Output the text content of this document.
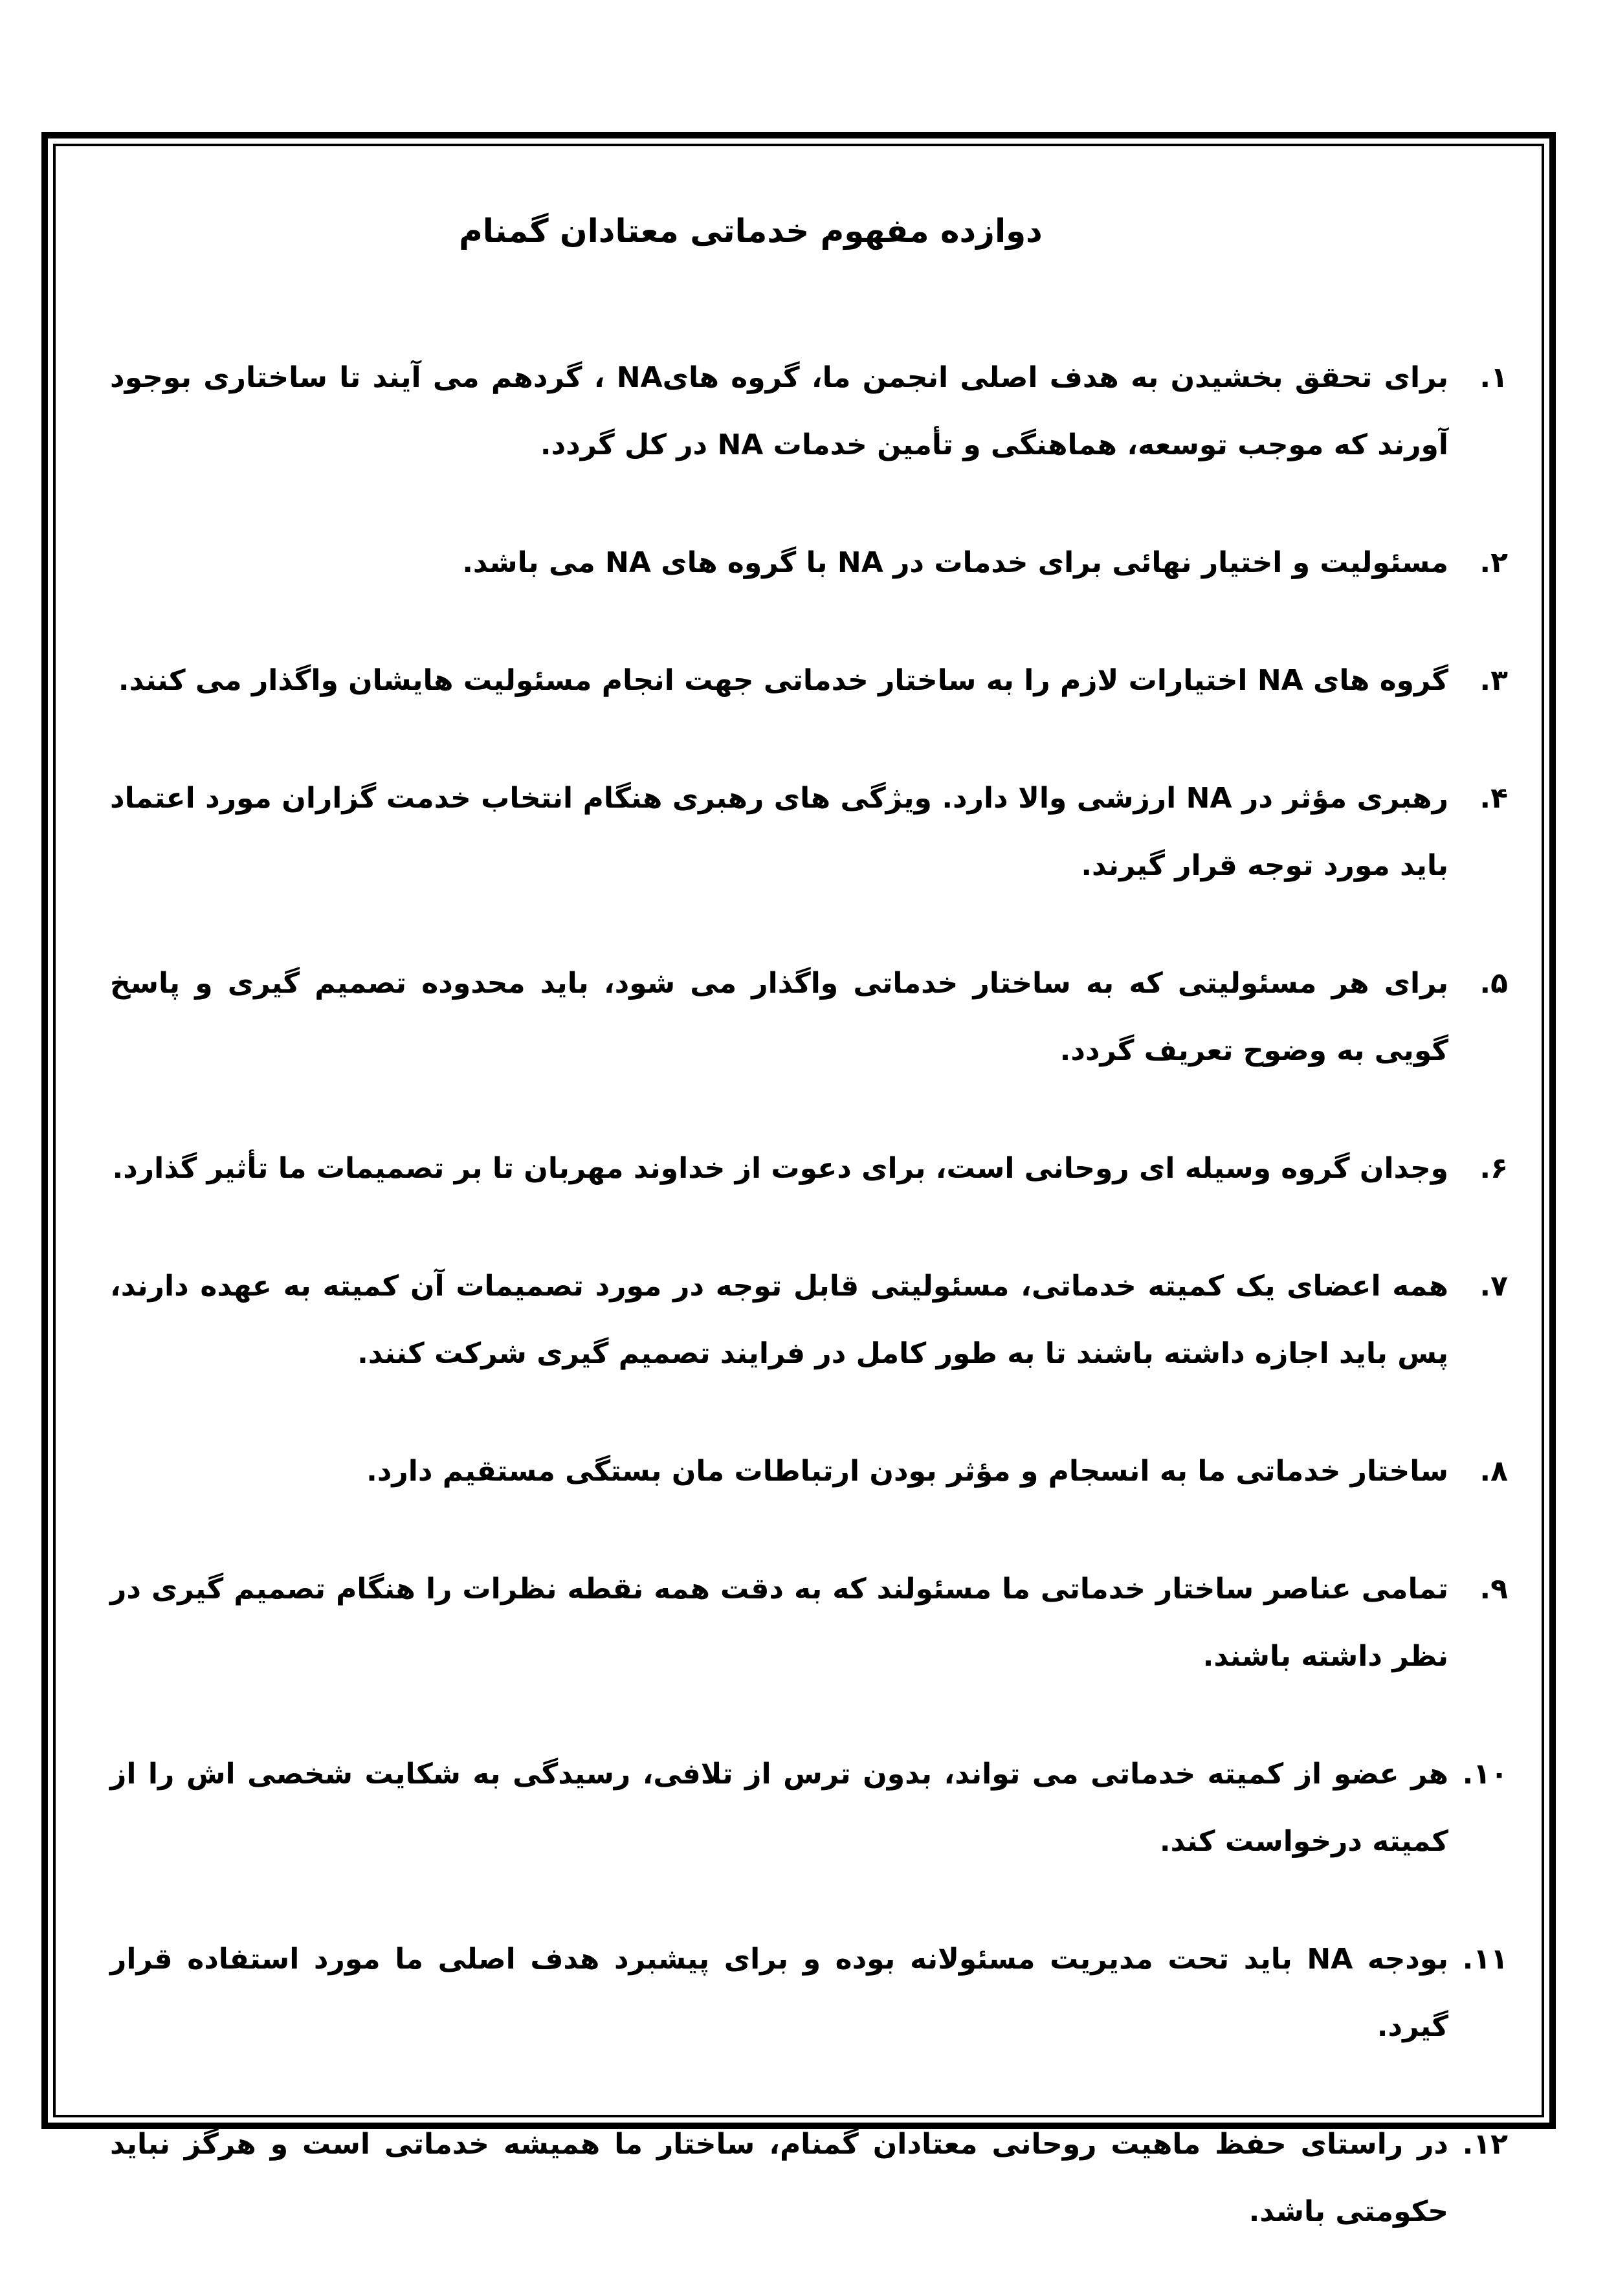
دوازده مفهوم خدماتی معتادان گمنام
۱.
برای تحقق بخشیدن به هدف اصلی انجمن ما، گروه هایNA ، گردهم می آیند تا ساختاری بوجود آورند که موجب توسعه، هماهنگی و تأمین خدمات NA در کل گردد.
۲.
مسئولیت و اختیار نهائی برای خدمات در NA با گروه های NA می باشد.
۳.
گروه های NA اختیارات لازم را به ساختار خدماتی جهت انجام مسئولیت هایشان واگذار می کنند.
۴.
رهبری مؤثر در NA ارزشی والا دارد. ویژگی های رهبری هنگام انتخاب خدمت گزاران مورد اعتماد باید مورد توجه قرار گیرند.
۵.
برای هر مسئولیتی که به ساختار خدماتی واگذار می شود، باید محدوده تصمیم گیری و پاسخ گویی به وضوح تعریف گردد.
۶.
وجدان گروه وسیله ای روحانی است، برای دعوت از خداوند مهربان تا بر تصمیمات ما تأثیر گذارد.
۷.
همه اعضای یک کمیته خدماتی، مسئولیتی قابل توجه در مورد تصمیمات آن کمیته به عهده دارند، پس باید اجازه داشته باشند تا به طور کامل در فرایند تصمیم گیری شرکت کنند.
۸.
ساختار خدماتی ما به انسجام و مؤثر بودن ارتباطات مان بستگی مستقیم دارد.
۹.
تمامی عناصر ساختار خدماتی ما مسئولند که به دقت همه نقطه نظرات را هنگام تصمیم گیری در نظر داشته باشند.
۱۰.
هر عضو از کمیته خدماتی می تواند، بدون ترس از تلافی، رسیدگی به شکایت شخصی اش را از کمیته درخواست کند.
۱۱.
بودجه NA باید تحت مدیریت مسئولانه بوده و برای پیشبرد هدف اصلی ما مورد استفاده قرار گیرد.
۱۲.
در راستای حفظ ماهیت روحانی معتادان گمنام، ساختار ما همیشه خدماتی است و هرگز نباید حکومتی باشد.
